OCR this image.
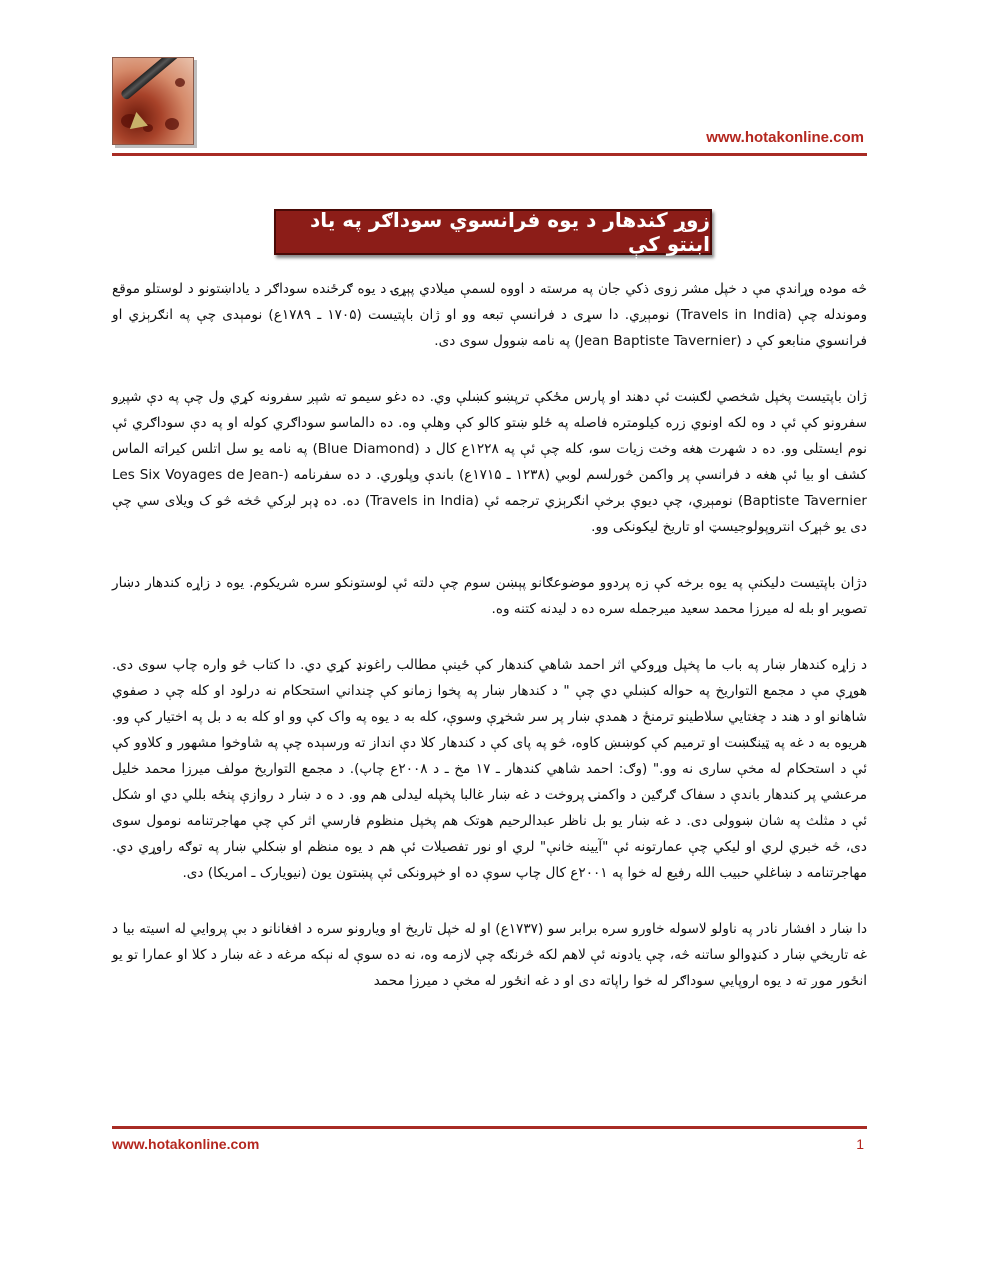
www.hotakonline.com
زوړ کندهار د يوه فرانسوي سوداګر په ياد ابنتو کې

څه موده وړاندې مې د خپل مشر زوی ذکي جان په مرسته د اووه لسمې ميلادي پېړۍ د يوه ګرځنده سوداګر د ياداښتونو د لوستلو موقع وموندله چې (Travels in India) نومېږي. دا سړی د فرانسې تبعه وو او ژان باپتيست (۱۷۰۵ ـ ۱۷۸۹ع) نومېدی چې په انګرېزي او فرانسوي منابعو کې د (Jean Baptiste Tavernier) په نامه ښوول سوی دی.

ژان باپتيست پخپل شخصي لګښت ئې دهند او پارس مځکې ترپښو کښلې وي. ده دغو سيمو ته شپږ سفرونه کړي ول چې په دې شپږو سفرونو کې ئې د وه لکه اونوي زره کيلومتره فاصله په ځلو ښتو کالو کې وهلې وه. ده دالماسو سوداګري کوله او په دې سوداګري ئې نوم ايستلی وو. ده د شهرت هغه وخت زيات سو، کله چې ئې په ۱۲۲۸ع کال د (Blue Diamond) په نامه يو سل اتلس کيراته الماس کشف او بيا ئې هغه د فرانسې پر واکمن څورلسم لوبي (۱۲۳۸ ـ ۱۷۱۵ع) باندې وپلوري. د ده سفرنامه (Les Six Voyages de Jean-Baptiste Tavernier) نومېږي، چې ديوې برخې انګرېزي ترجمه ئې (Travels in India) ده. ده ډېر لږکي څخه څو ک ويلای سي چې دی يو څېړک انتروپولوجيسټ او تاريخ ليکونکی وو.

دژان باپتيست دليکنې په يوه برخه کې زه پردوو موضوعګانو پېښن سوم چې دلته ئې لوستونکو سره شريکوم. يوه د زاړه کندهار دښار تصوير او بله له ميرزا محمد سعيد ميرجمله سره ده د ليدنه کتنه وه.

د زاړه کندهار ښار په باب ما پخپل وړوکي اثر احمد شاهي کندهار کې ځينې مطالب راغونډ کړي دي. دا کتاب څو واره چاپ سوی دی. هوړې مې د مجمع التواريخ په حواله کښلي دي چې " د کندهار ښار په پخوا زمانو کې چنداني استحکام نه درلود او کله چې د صفوي شاهانو او د هند د چغتايي سلاطينو ترمنځ د همدې ښار پر سر شخړې وسوې، کله به د يوه په واک کې وو او کله به د بل په اختيار کې وو. هريوه به د غه په ټينګښت او ترميم کې کوښښ کاوه، څو په پای کې د کندهار کلا دې انداز ته ورسېده چې په شاوخوا مشهور و کلاوو کې ئې د استحکام له مخې ساری نه وو." (وګ: احمد شاهي کندهار ـ ۱۷ مخ ـ د ۲۰۰۸ع چاپ). د مجمع التواريخ مولف ميرزا محمد خليل مرعشي پر کندهار باندې د سفاک ګرګين د واکمنۍ پروخت د غه ښار غالبا پخپله ليدلی هم وو. د ه د ښار د روازې پنځه بللي دي او شکل ئې د مثلث په شان ښوولی دی. د غه ښار يو بل ناظر عبدالرحيم هوتک هم پخپل منظوم فارسي اثر کې چې مهاجرتنامه نومول سوی دی، څه خبري لري او ليکي چې عمارتونه ئې "آيينه خانې" لري او نور تفصيلات ئې هم د يوه منظم او ښکلي ښار په توګه راوړي دي. مهاجرتنامه د ښاغلي حبيب الله رفيع له خوا په ۲۰۰۱ع کال چاپ سوې ده او خپرونکی ئې پښتون يون (نيويارک ـ امريکا) دی.

دا ښار د افشار نادر په ناولو لاسوله خاورو سره برابر سو (۱۷۳۷ع) او له خپل تاريخ او ويارونو سره د افغانانو د بې پروايي له اسيته بيا د غه تاريخي ښار د کنډوالو ساتنه څه، چې يادونه ئې لاهم لکه څرنګه چې لازمه وه، نه ده سوې له نېکه مرغه د غه ښار د کلا او عمارا تو يو انځور موږ ته د يوه اروپايي سوداګر له خوا راپاته دی او د غه انځور له مخې د ميرزا محمد

www.hotakonline.com	1
